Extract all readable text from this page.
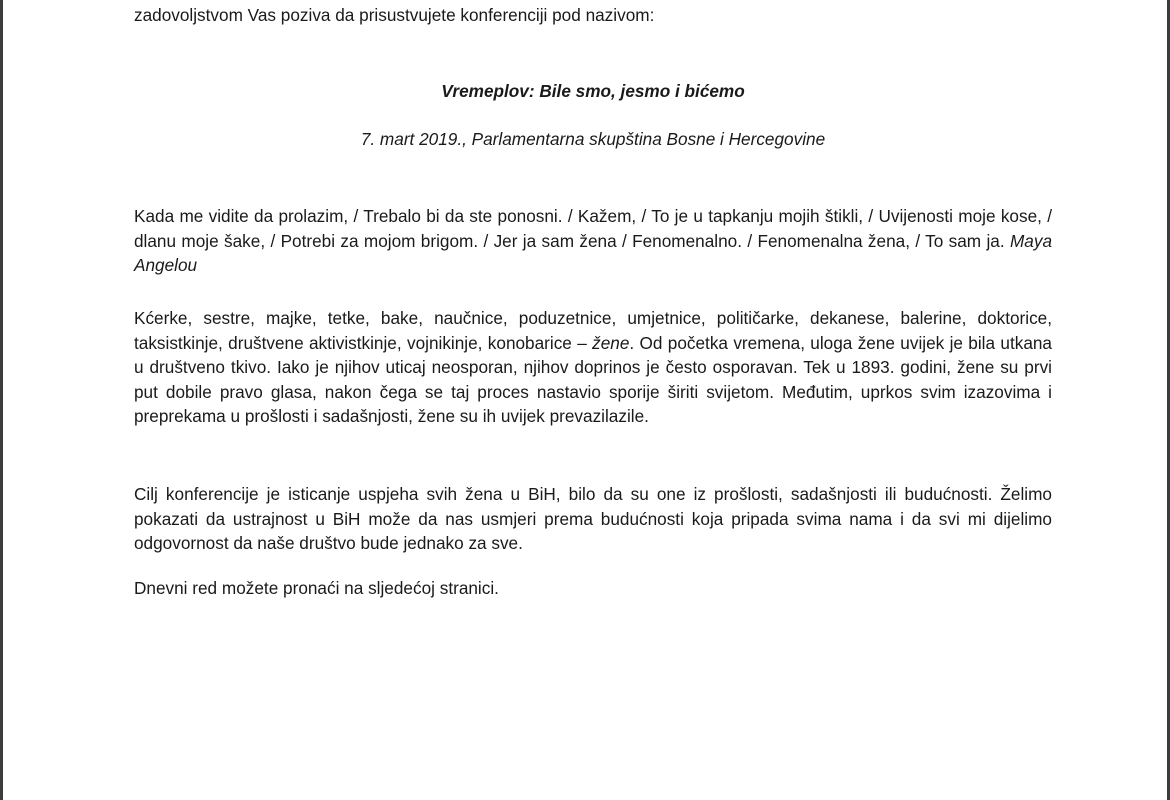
zadovoljstvom Vas poziva da prisustvujete konferenciji pod nazivom:
Vremeplov: Bile smo, jesmo i bićemo
7. mart 2019., Parlamentarna skupština Bosne i Hercegovine

Kada me vidite da prolazim, / Trebalo bi da ste ponosni. / Kažem, / To je u tapkanju mojih štikli, / Uvijenosti moje kose, / dlanu moje šake, / Potrebi za mojom brigom. / Jer ja sam žena / Fenomenalno. / Fenomenalna žena, / To sam ja. Maya Angelou

Kćerke, sestre, majke, tetke, bake, naučnice, poduzetnice, umjetnice, političarke, dekanese, balerine, doktorice, taksistkinje, društvene aktivistkinje, vojnikinje, konobarice – žene. Od početka vremena, uloga žene uvijek je bila utkana u društveno tkivo. Iako je njihov uticaj neosporan, njihov doprinos je često osporavan. Tek u 1893. godini, žene su prvi put dobile pravo glasa, nakon čega se taj proces nastavio sporije širiti svijetom. Međutim, uprkos svim izazovima i preprekama u prošlosti i sadašnjosti, žene su ih uvijek prevazilazile.

Cilj konferencije je isticanje uspjeha svih žena u BiH, bilo da su one iz prošlosti, sadašnjosti ili budućnosti. Želimo pokazati da ustrajnost u BiH može da nas usmjeri prema budućnosti koja pripada svima nama i da svi mi dijelimo odgovornost da naše društvo bude jednako za sve.

Dnevni red možete pronaći na sljedećoj stranici.
